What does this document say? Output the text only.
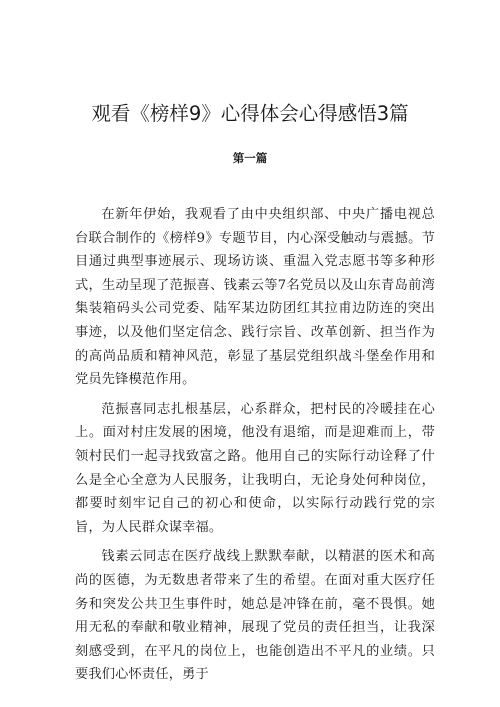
观看《榜样9》心得体会心得感悟3篇
第一篇

在新年伊始，我观看了由中央组织部、中央广播电视总台联合制作的《榜样9》专题节目，内心深受触动与震撼。节目通过典型事迹展示、现场访谈、重温入党志愿书等多种形式，生动呈现了范振喜、钱素云等7名党员以及山东青岛前湾集装箱码头公司党委、陆军某边防团红其拉甫边防连的突出事迹，以及他们坚定信念、践行宗旨、改革创新、担当作为的高尚品质和精神风范，彰显了基层党组织战斗堡垒作用和党员先锋模范作用。

范振喜同志扎根基层，心系群众，把村民的冷暖挂在心上。面对村庄发展的困境，他没有退缩，而是迎难而上，带领村民们一起寻找致富之路。他用自己的实际行动诠释了什么是全心全意为人民服务，让我明白，无论身处何种岗位，都要时刻牢记自己的初心和使命，以实际行动践行党的宗旨，为人民群众谋幸福。

钱素云同志在医疗战线上默默奉献，以精湛的医术和高尚的医德，为无数患者带来了生的希望。在面对重大医疗任务和突发公共卫生事件时，她总是冲锋在前，毫不畏惧。她用无私的奉献和敬业精神，展现了党员的责任担当，让我深刻感受到，在平凡的岗位上，也能创造出不平凡的业绩。只要我们心怀责任，勇于
